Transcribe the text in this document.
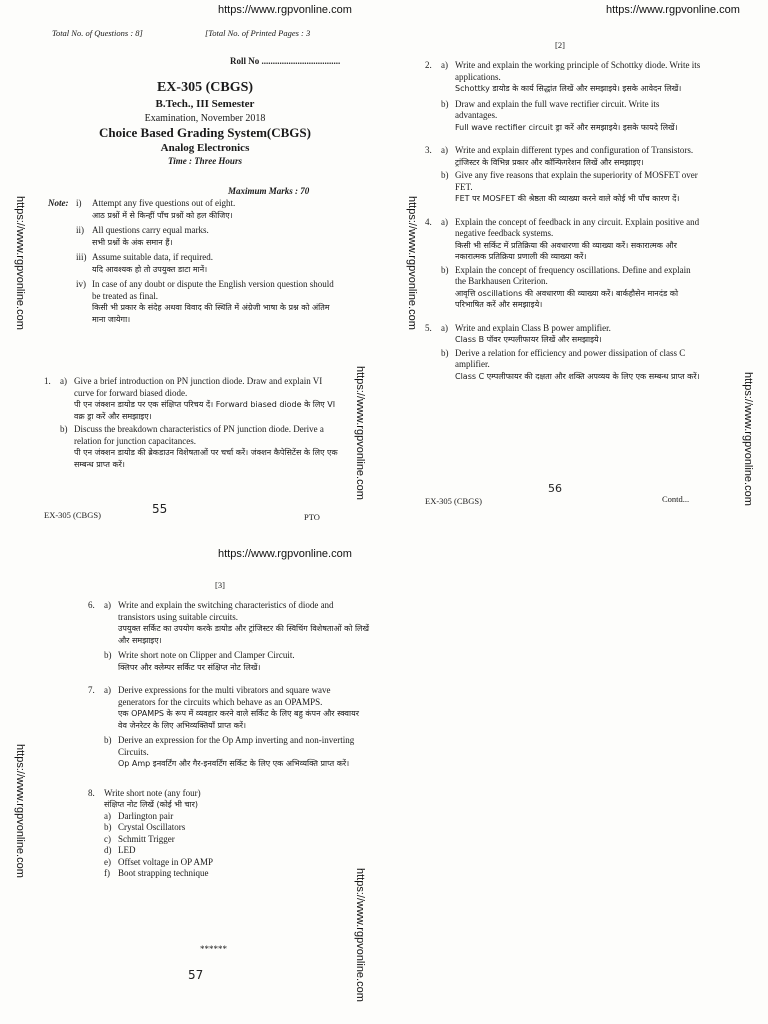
https://www.rgpvonline.com	https://www.rgpvonline.com
Total No. of Questions : 8]	[Total No. of Printed Pages : 3
Roll No ...................................
EX-305 (CBGS)
B.Tech., III Semester
Examination, November 2018
Choice Based Grading System(CBGS)
Analog Electronics
Time : Three Hours
Maximum Marks : 70
Note: i)	Attempt any five questions out of eight.
आठ प्रश्नों में से किन्हीं पाँच प्रश्नों को हल कीजिए।
ii) All questions carry equal marks.
सभी प्रश्नों के अंक समान हैं।
iii) Assume suitable data, if required.
यदि आवश्यक हो तो उपयुक्त डाटा मानें।
iv) In case of any doubt or dispute the English version question should be treated as final.
किसी भी प्रकार के संदेह अथवा विवाद की स्थिति में अंग्रेजी भाषा के प्रश्न को अंतिम माना जायेगा।
1.	a) Give a brief introduction on PN junction diode. Draw and explain VI curve for forward biased diode.
पी एन जंक्शन डायोड पर एक संक्षिप्त परिचय दें। Forward biased diode के लिए VI वक्र ड्रा करें और समझाइए।
b) Discuss the breakdown characteristics of PN junction diode. Derive a relation for junction capacitances.
पी एन जंक्शन डायोड की ब्रेकडाउन विशेषताओं पर चर्चा करें। जंक्शन कैपेसिटेंस के लिए एक सम्बन्ध प्राप्त करें।
EX-305 (CBGS)	55
PTO
https://www.rgpvonline.com	https://www.rgpvonline.com
https://www.rgpvonline.com
[2]
2.	a) Write and explain the working principle of Schottky diode. Write its applications.
Schottky डायोड के कार्य सिद्धांत लिखें और समझाइये। इसके आवेदन लिखें।
b) Draw and explain the full wave rectifier circuit. Write its advantages.
Full wave rectifier circuit ड्रा करें और समझाइये। इसके फायदे लिखें।
3.	a) Write and explain different types and configuration of Transistors.
ट्रांजिस्टर के विभिन्न प्रकार और कॉन्फिगरेशन लिखें और समझाइए।
b) Give any five reasons that explain the superiority of MOSFET over FET.
FET पर MOSFET की श्रेष्ठता की व्याख्या करने वाले कोई भी पाँच कारण दें।
4.	a) Explain the concept of feedback in any circuit. Explain positive and negative feedback systems.
किसी भी सर्किट में प्रतिक्रिया की अवधारणा की व्याख्या करें। सकारात्मक और नकारात्मक प्रतिक्रिया प्रणाली की व्याख्या करें।
b) Explain the concept of frequency oscillations. Define and explain the Barkhausen Criterion.
आवृत्ति oscillations की अवधारणा की व्याख्या करें। बार्कहौसेन मानदंड को परिभाषित करें और समझाइये।
5.	a) Write and explain Class B power amplifier.
Class B पॉवर एम्पलीफायर लिखें और समझाइये।
b) Derive a relation for efficiency and power dissipation of class C amplifier.
Class C एम्पलीफायर की दक्षता और शक्ति अपव्यय के लिए एक सम्बन्ध प्राप्त करें।
EX-305 (CBGS)
56
Contd...	https://www.rgpvonline.com
https://www.rgpvonline.com
[3]
6.	a) Write and explain the switching characteristics of diode and transistors using suitable circuits.
उपयुक्त सर्किट का उपयोग करके डायोड और ट्रांजिस्टर की स्विचिंग विशेषताओं को लिखें और समझाइए।
b) Write short note on Clipper and Clamper Circuit.
क्लिपर और क्लेम्पर सर्किट पर संक्षिप्त नोट लिखें।
7.	a) Derive expressions for the multi vibrators and square wave generators for the circuits which behave as an OPAMPS.
एक OPAMPS के रूप में व्यवहार करने वाले सर्किट के लिए बहु कंपन और स्क्वायर वेव जेनरेटर के लिए अभिव्यक्तियाँ प्राप्त करें।
b) Derive an expression for the Op Amp inverting and non-inverting Circuits.
Op Amp इनवर्टिंग और गैर-इनवर्टिंग सर्किट के लिए एक अभिव्यक्ति प्राप्त करें।
8.	Write short note (any four)
संक्षिप्त नोट लिखें (कोई भी चार)
a) Darlington pair
b) Crystal Oscillators
c) Schmitt Trigger
d) LED
e) Offset voltage in OP AMP
f) Boot strapping technique
******
57
https://www.rgpvonline.com
https://www.rgpvonline.com
